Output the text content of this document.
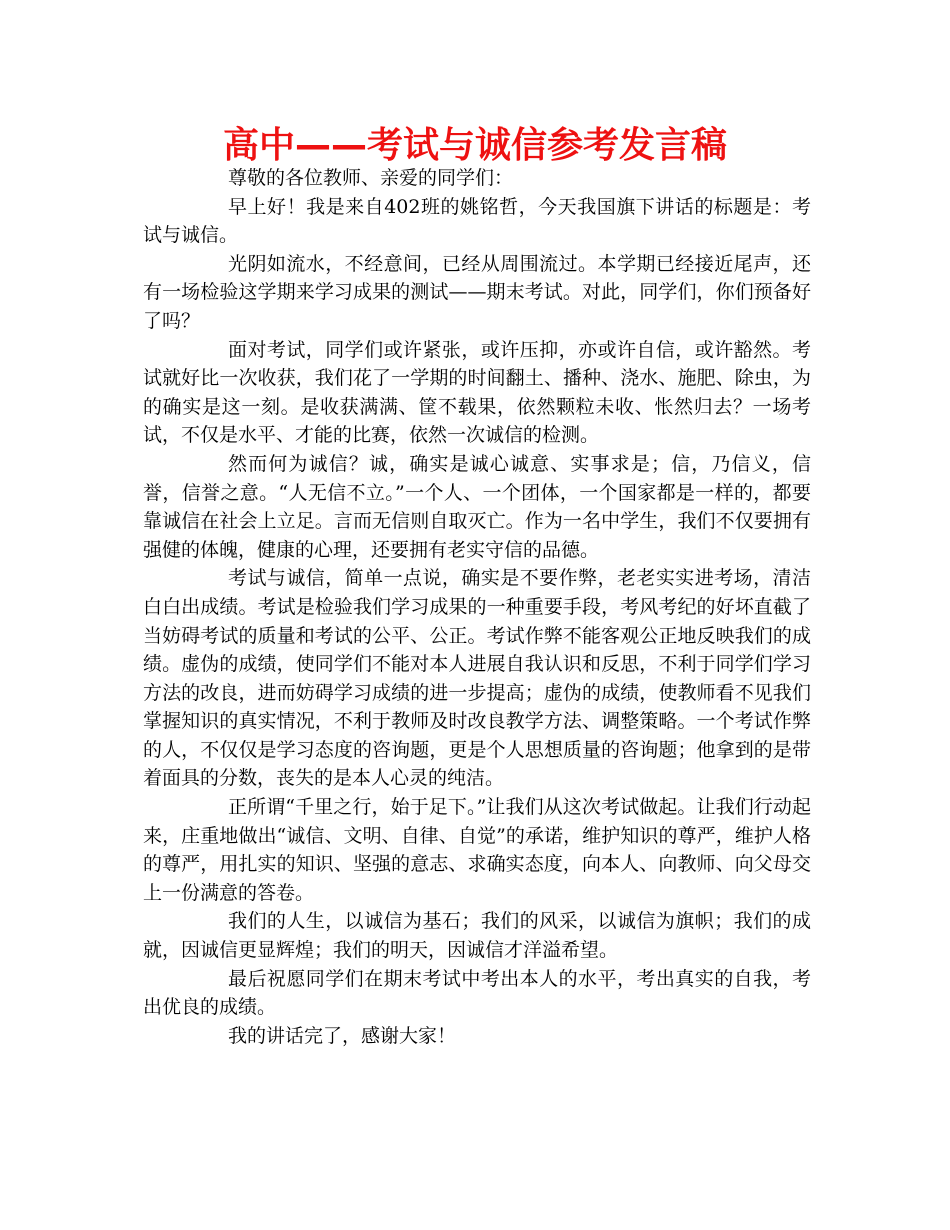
高中——考试与诚信参考发言稿

尊敬的各位教师、亲爱的同学们：

早上好！我是来自402班的姚铭哲，今天我国旗下讲话的标题是：考试与诚信。

光阴如流水，不经意间，已经从周围流过。本学期已经接近尾声，还有一场检验这学期来学习成果的测试——期末考试。对此，同学们，你们预备好了吗？

面对考试，同学们或许紧张，或许压抑，亦或许自信，或许豁然。考试就好比一次收获，我们花了一学期的时间翻土、播种、浇水、施肥、除虫，为的确实是这一刻。是收获满满、筐不载果，依然颗粒未收、怅然归去？一场考试，不仅是水平、才能的比赛，依然一次诚信的检测。

然而何为诚信？诚，确实是诚心诚意、实事求是；信，乃信义，信誉，信誉之意。“人无信不立。”一个人、一个团体，一个国家都是一样的，都要靠诚信在社会上立足。言而无信则自取灭亡。作为一名中学生，我们不仅要拥有强健的体魄，健康的心理，还要拥有老实守信的品德。

考试与诚信，简单一点说，确实是不要作弊，老老实实进考场，清洁白白出成绩。考试是检验我们学习成果的一种重要手段，考风考纪的好坏直截了当妨碍考试的质量和考试的公平、公正。考试作弊不能客观公正地反映我们的成绩。虚伪的成绩，使同学们不能对本人进展自我认识和反思，不利于同学们学习方法的改良，进而妨碍学习成绩的进一步提高；虚伪的成绩，使教师看不见我们掌握知识的真实情况，不利于教师及时改良教学方法、调整策略。一个考试作弊的人，不仅仅是学习态度的咨询题，更是个人思想质量的咨询题；他拿到的是带着面具的分数，丧失的是本人心灵的纯洁。

正所谓“千里之行，始于足下。”让我们从这次考试做起。让我们行动起来，庄重地做出“诚信、文明、自律、自觉”的承诺，维护知识的尊严，维护人格的尊严，用扎实的知识、坚强的意志、求确实态度，向本人、向教师、向父母交上一份满意的答卷。

我们的人生，以诚信为基石；我们的风采，以诚信为旗帜；我们的成就，因诚信更显辉煌；我们的明天，因诚信才洋溢希望。

最后祝愿同学们在期末考试中考出本人的水平，考出真实的自我，考出优良的成绩。

我的讲话完了，感谢大家！
